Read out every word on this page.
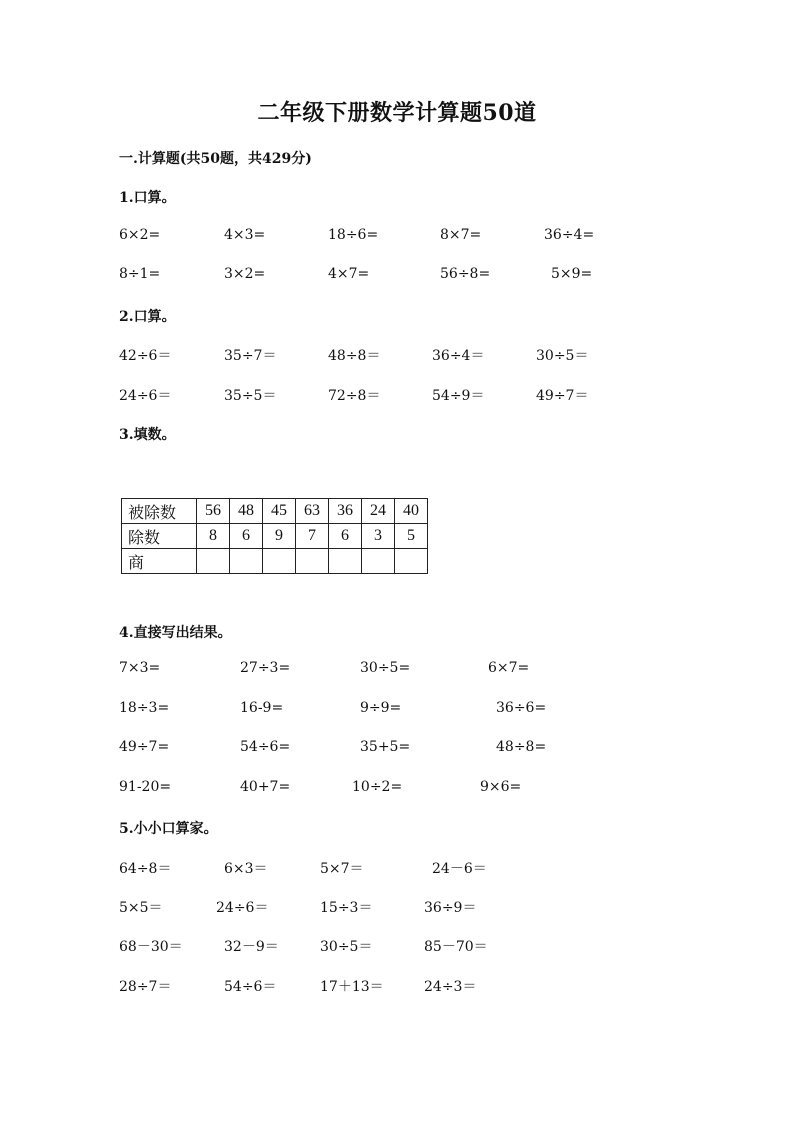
二年级下册数学计算题50道
一.计算题(共50题，共429分)
1.口算。
6×2=	4×3=	18÷6=	8×7=	36÷4=
8÷1=	3×2=	4×7=	56÷8=	5×9=
2.口算。
42÷6＝	35÷7＝	48÷8＝	36÷4＝	30÷5＝
24÷6＝	35÷5＝	72÷8＝	54÷9＝	49÷7＝
3.填数。
被除数	56	48	45	63	36	24	40
除数	8	6	9	7	6	3	5
商							
4.直接写出结果。
7×3=	27÷3=	30÷5=	6×7=
18÷3=	16-9=	9÷9=	36÷6=
49÷7=	54÷6=	35+5=	48÷8=
91-20=	40+7=	10÷2=	9×6=
5.小小口算家。
64÷8＝	6×3＝	5×7＝	24－6＝
5×5＝	24÷6＝	15÷3＝	36÷9＝
68－30＝	32－9＝	30÷5＝	85－70＝
28÷7＝	54÷6＝	17＋13＝	24÷3＝
